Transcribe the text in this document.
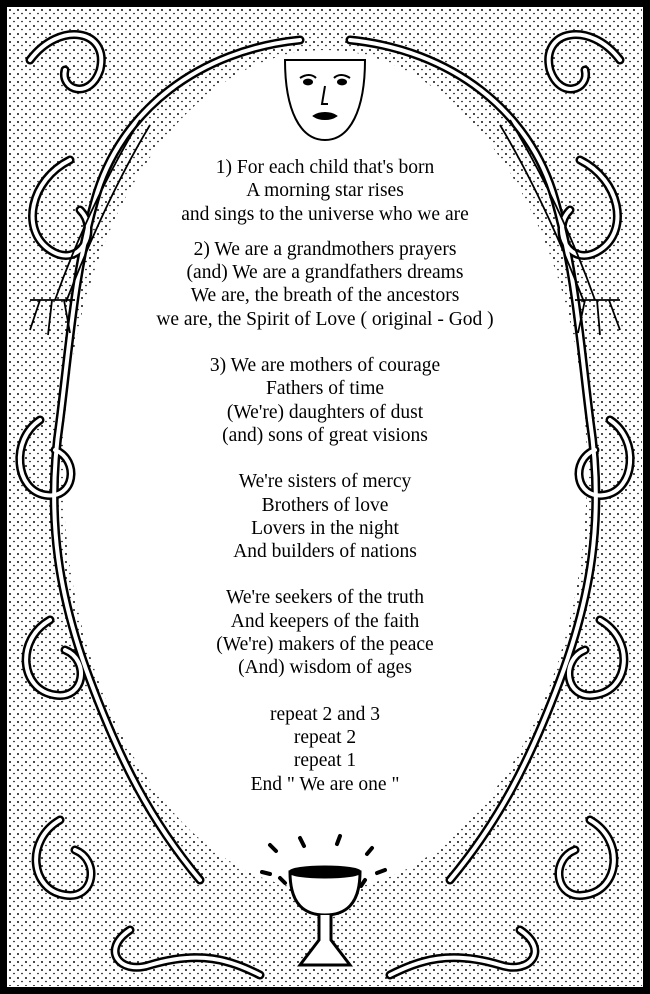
1) For each child that's born
A morning star rises
and sings to the universe who we are
2) We are a grandmothers prayers
(and) We are a grandfathers dreams
We are, the breath of the ancestors
we are, the Spirit of Love ( original - God )
3) We are mothers of courage
Fathers of time
(We're) daughters of dust
(and) sons of great visions
We're sisters of mercy
Brothers of love
Lovers in the night
And builders of nations
We're seekers of the truth
And keepers of the faith
(We're) makers of the peace
(And) wisdom of ages
repeat 2 and 3
repeat 2
repeat 1
End " We are one "
